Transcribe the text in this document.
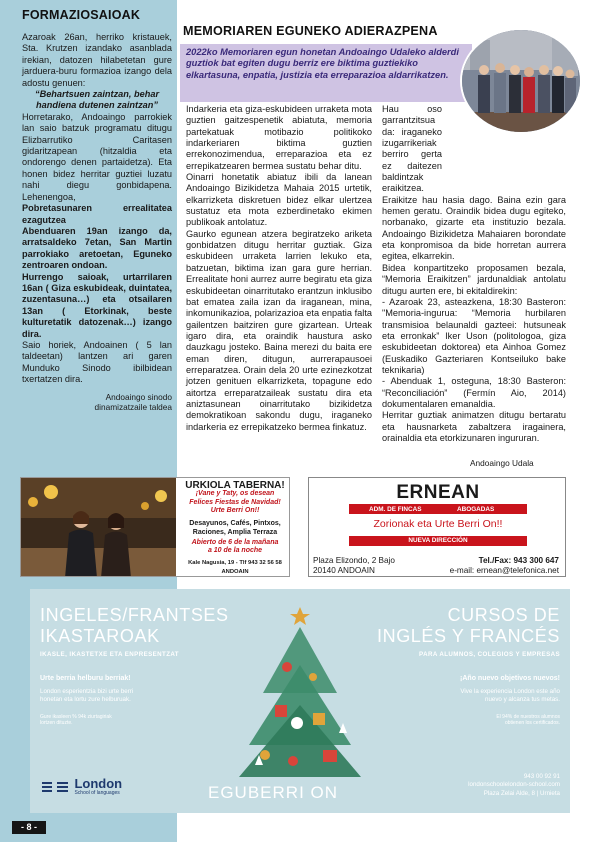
FORMAZIOSAIOAK

Azaroak 26an, herriko kristauek, Sta. Krutzen izandako asanblada irekian, datozen hilabetetan gure jarduera-buru formazioa izango dela adostu genuen:

“Behartsuen zaintzan, behar handiena dutenen zaintzan”

Horretarako, Andoaingo parrokiek lan saio batzuk programatu ditugu Elizbarrutiko Caritasen gidaritzapean (hitzaldia eta ondorengo denen partaidetza). Eta honen bidez herritar guztiei luzatu nahi diegu gonbidapena. Lehenengoa,

Pobretasunaren errealitatea ezagutzea

Abenduaren 19an izango da, arratsaldeko 7etan, San Martin parrokiako aretoetan, Eguneko zentroaren ondoan.

Hurrengo saioak, urtarrilaren 16an ( Giza eskubideak, duintatea, zuzentasuna…) eta otsailaren 13an ( Etorkinak, beste kulturetatik datozenak…) izango dira.

Saio horiek, Andoainen ( 5 lan taldeetan) lantzen ari garen Munduko Sinodo ibilbidean txertatzen dira.

Andoaingo sinodo
dinamizatzaile taldea
MEMORIAREN EGUNEKO ADIERAZPENA
2022ko Memoriaren egun honetan Andoaingo Udaleko alderdi guztiok bat egiten dugu berriz ere biktima guztiekiko elkartasuna, enpatia, justizia eta erreparazioa aldarrikatzen.

Indarkeria eta giza-eskubideen urraketa mota guztien gaitzespenetik abiatuta, memoria partekatuak motibazio politikoko indarkeriaren biktima guztien errekonozimendua, erreparazioa eta ez errepikatzearen bermea sustatu behar ditu.

Oinarri honetatik abiatuz ibili da lanean Andoaingo Bizikidetza Mahaia 2015 urtetik, elkarrizketa diskretuen bidez elkar ulertzea sustatuz eta mota ezberdinetako ekimen publikoak antolatuz.

Gaurko egunean atzera begiratzeko ariketa gonbidatzen ditugu herritar guztiak. Giza eskubideen urraketa larrien lekuko eta, batzuetan, biktima izan gara gure herrian. Errealitate honi aurrez aurre begiratu eta giza eskubideetan oinarritutako erantzun inklusibo bat ematea zaila izan da iraganean, mina, inkomunikazioa, polarizazioa eta enpatia falta gailentzen baitziren gure gizartean. Urteak igaro dira, eta oraindik haustura asko dauzkagu josteko. Baina merezi du baita ere eman diren, ditugun, aurrerapausoei erreparatzea. Orain dela 20 urte ezinezkotzat jotzen genituen elkarrizketa, topagune edo aitortza erreparatzaileak sustatu dira eta aniztasunean oinarritutako bizikidetza demokratikoan sakondu dugu, iraganeko indarkeria ez errepikatzeko bermea finkatuz.

Hau oso garrantzitsua da: iraganeko izugarrikeriak berriro gerta ez daitezen baldintzak eraikitzea.

Eraikitze hau hasia dago. Baina ezin gara hemen geratu. Oraindik bidea dugu egiteko, norbanako, gizarte eta instituzio bezala. Andoaingo Bizikidetza Mahaiaren borondate eta konpromisoa da bide horretan aurrera egitea, elkarrekin.

Bidea konpartitzeko proposamen bezala, “Memoria Eraikitzen” jardunaldiak antolatu ditugu aurten ere, bi ekitaldirekin:

- Azaroak 23, asteazkena, 18:30 Basteron: "Memoria-ingurua: “Memoria hurbilaren transmisioa belaunaldi gazteei: hutsuneak eta erronkak” Iker Uson (politologoa, giza eskubideetan doktorea) eta Ainhoa Gomez (Euskadiko Gazteriaren Kontseiluko bake teknikaria)

- Abenduak 1, osteguna, 18:30 Basteron: “Reconciliación” (Fermín Aio, 2014) dokumentalaren emanaldia.

Herritar guztiak animatzen ditugu bertaratu eta hausnarketa zabaltzera iragainera, orainaldia eta etorkizunaren ingururan.

Andoaingo Udala
URKIOLA TABERNA!
¡Vane y Taty, os desean
Felices Fiestas de Navidad!
Urte Berri On!!
Desayunos, Cafés, Pintxos,
Raciones, Amplia Terraza
Abierto de 6 de la mañana
a 10 de la noche
Kale Nagusia, 19 - Tlf 943 32 56 58
ANDOAIN
ERNEAN
ADM. DE FINCAS	ABOGADAS
Zorionak eta Urte Berri On!!
NUEVA DIRECCIÓN
Plaza Elizondo, 2 Bajo
20140 ANDOAIN
Tel./Fax: 943 300 647
e-mail: ernean@telefonica.net
INGELES/FRANTSES
IKASTAROAK
IKASLE, IKASTETXE ETA ENPRESENTZAT
Urte berria helburu berriak!
London esperientzia bizi urte berri
honetan eta lortu zure helburuak.
Gure ikasleen % 94k ziurtagiriak
lortzen dituzte.
CURSOS DE
INGLÉS Y FRANCÉS
PARA ALUMNOS, COLEGIOS Y EMPRESAS
¡Año nuevo objetivos nuevos!
Vive la experiencia London este año
nuevo y alcanza tus metas.
El 94% de nuestros alumnos
obtienen los certificados.

London
School of languages	EGUBERRI ON
943 00 92 91
londonschoolelondon-school.com
Plaza Zelai Alde, 8 | Urnieta
- 8 -
